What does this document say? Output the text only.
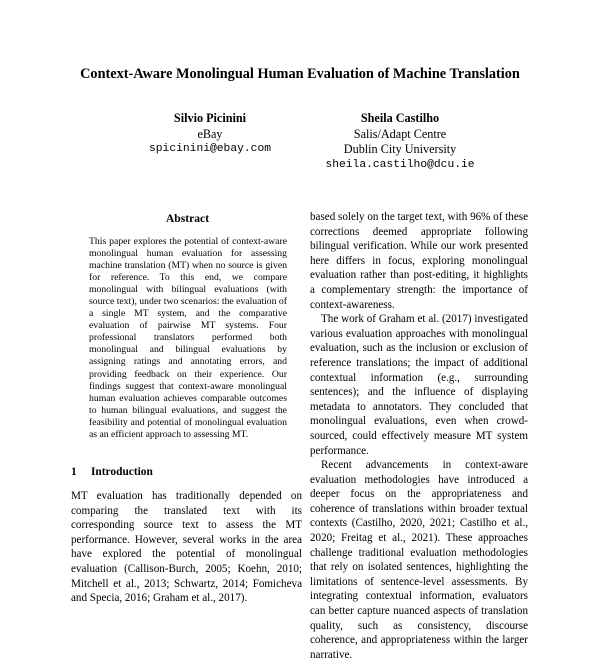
Context-Aware Monolingual Human Evaluation of Machine Translation
Silvio Picinini
eBay
spicinini@ebay.com
Sheila Castilho
Salis/Adapt Centre
Dublin City University
sheila.castilho@dcu.ie
Abstract

This paper explores the potential of context-aware monolingual human evaluation for assessing machine translation (MT) when no source is given for reference. To this end, we compare monolingual with bilingual evaluations (with source text), under two scenarios: the evaluation of a single MT system, and the comparative evaluation of pairwise MT systems. Four professional translators performed both monolingual and bilingual evaluations by assigning ratings and annotating errors, and providing feedback on their experience. Our findings suggest that context-aware monolingual human evaluation achieves comparable outcomes to human bilingual evaluations, and suggest the feasibility and potential of monolingual evaluation as an efficient approach to assessing MT.

1 Introduction

MT evaluation has traditionally depended on comparing the translated text with its corresponding source text to assess the MT performance. However, several works in the area have explored the potential of monolingual evaluation (Callison-Burch, 2005; Koehn, 2010; Mitchell et al., 2013; Schwartz, 2014; Fomicheva and Specia, 2016; Graham et al., 2017).

based solely on the target text, with 96% of these corrections deemed appropriate following bilingual verification. While our work presented here differs in focus, exploring monolingual evaluation rather than post-editing, it highlights a complementary strength: the importance of context-awareness.

The work of Graham et al. (2017) investigated various evaluation approaches with monolingual evaluation, such as the inclusion or exclusion of reference translations; the impact of additional contextual information (e.g., surrounding sentences); and the influence of displaying metadata to annotators. They concluded that monolingual evaluations, even when crowd-sourced, could effectively measure MT system performance.

Recent advancements in context-aware evaluation methodologies have introduced a deeper focus on the appropriateness and coherence of translations within broader textual contexts (Castilho, 2020, 2021; Castilho et al., 2020; Freitag et al., 2021). These approaches challenge traditional evaluation methodologies that rely on isolated sentences, highlighting the limitations of sentence-level assessments. By integrating contextual information, evaluators can better capture nuanced aspects of translation quality, such as consistency, discourse coherence, and appropriateness within the larger narrative.
